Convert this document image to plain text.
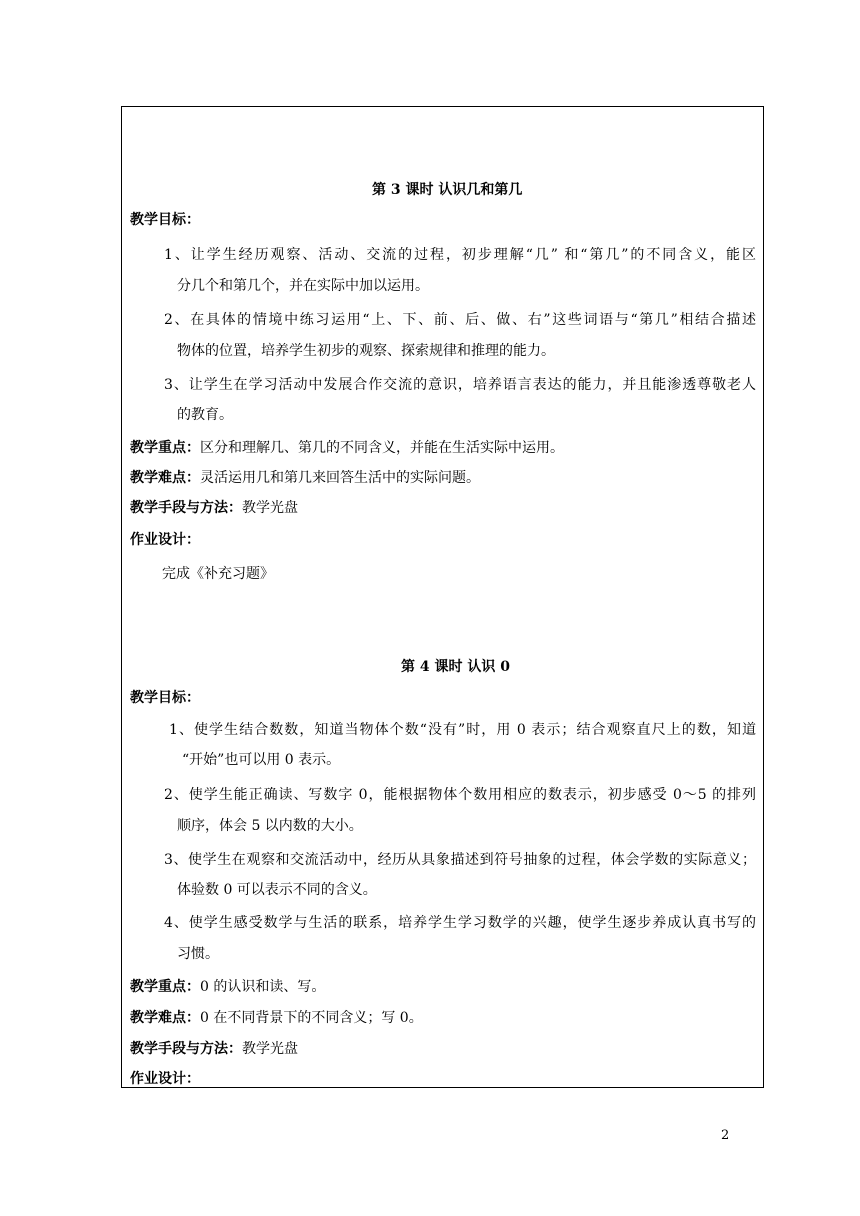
第 3 课时 认识几和第几
教学目标：
1、让学生经历观察、活动、交流的过程，初步理解“几” 和“第几”的不同含义，能区
分几个和第几个，并在实际中加以运用。
2、在具体的情境中练习运用“上、下、前、后、做、右”这些词语与“第几”相结合描述
物体的位置，培养学生初步的观察、探索规律和推理的能力。
3、让学生在学习活动中发展合作交流的意识，培养语言表达的能力，并且能渗透尊敬老人
的教育。
教学重点：区分和理解几、第几的不同含义，并能在生活实际中运用。
教学难点：灵活运用几和第几来回答生活中的实际问题。
教学手段与方法：教学光盘
作业设计：
完成《补充习题》
第 4 课时 认识 0
教学目标：
1、使学生结合数数，知道当物体个数“没有”时，用 0 表示；结合观察直尺上的数，知道
“开始”也可以用 0 表示。
2、使学生能正确读、写数字 0，能根据物体个数用相应的数表示，初步感受 0～5 的排列
顺序，体会 5 以内数的大小。
3、使学生在观察和交流活动中，经历从具象描述到符号抽象的过程，体会学数的实际意义；
体验数 0 可以表示不同的含义。
4、使学生感受数学与生活的联系，培养学生学习数学的兴趣，使学生逐步养成认真书写的
习惯。
教学重点：0 的认识和读、写。
教学难点：0 在不同背景下的不同含义；写 0。
教学手段与方法：教学光盘
作业设计：
2
